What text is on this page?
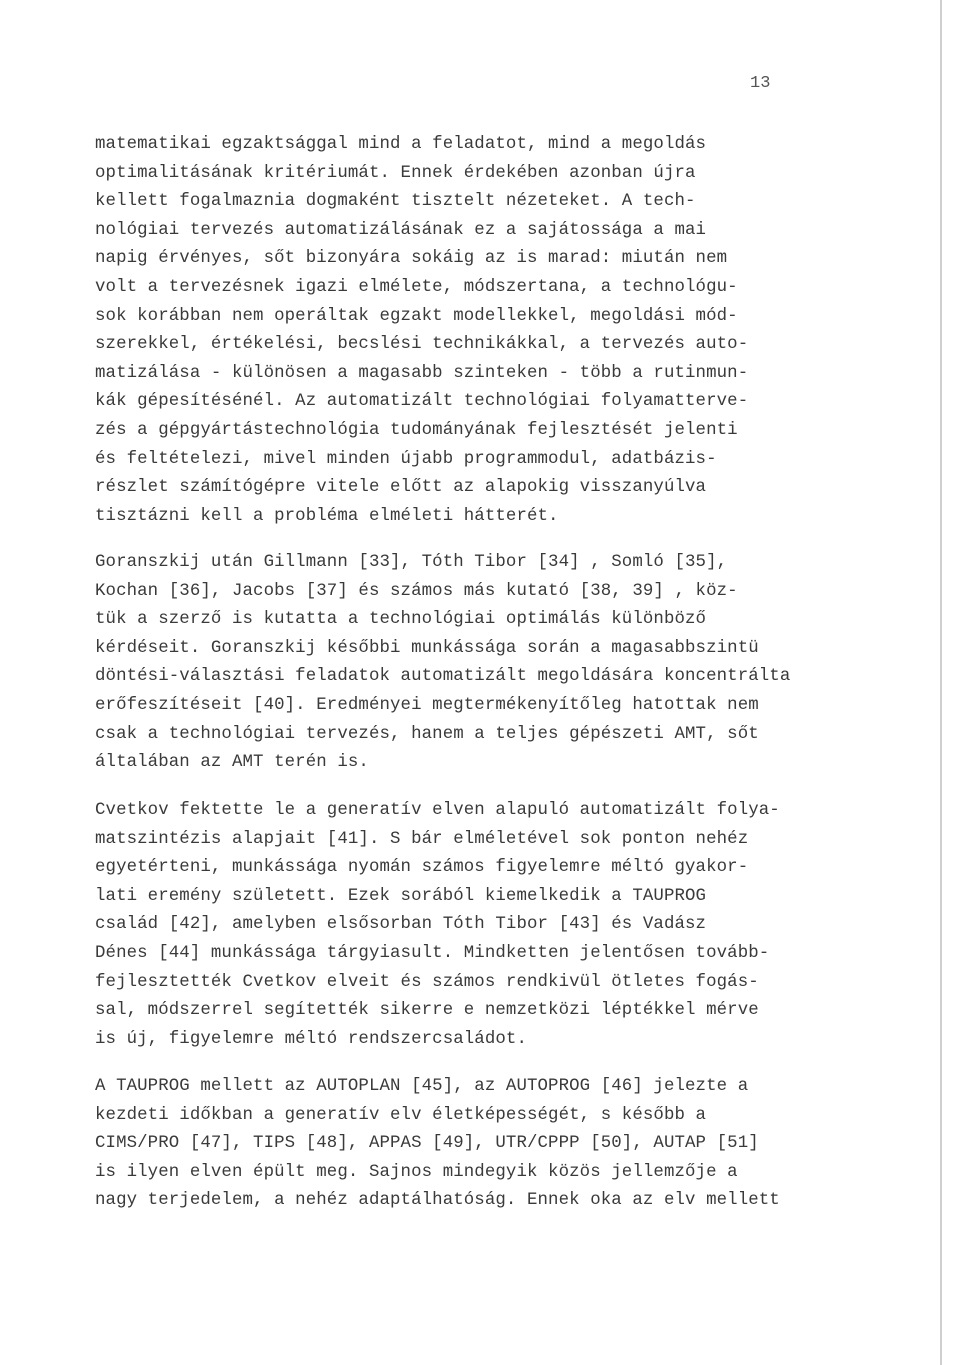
13
matematikai egzaktsággal mind a feladatot, mind a megoldás
optimalitásának kritériumát. Ennek érdekében azonban újra
kellett fogalmaznia dogmaként tisztelt nézeteket. A tech-
nológiai tervezés automatizálásának ez a sajátossága a mai
napig érvényes, sőt bizonyára sokáig az is marad: miután nem
volt a tervezésnek igazi elmélete, módszertana, a technológu-
sok korábban nem operáltak egzakt modellekkel, megoldási mód-
szerekkel, értékelési, becslési technikákkal, a tervezés auto-
matizálása - különösen a magasabb szinteken - több a rutinmun-
kák gépesítésénél. Az automatizált technológiai folyamatterve-
zés a gépgyártástechnológia tudományának fejlesztését jelenti
és feltételezi, mivel minden újabb programmodul, adatbázis-
részlet számítógépre vitele előtt az alapokig visszanyúlva
tisztázni kell a probléma elméleti hátterét.
Goranszkij után Gillmann [33], Tóth Tibor [34] , Somló [35],
Kochan [36], Jacobs [37] és számos más kutató [38, 39] , köz-
tük a szerző is kutatta a technológiai optimálás különböző
kérdéseit. Goranszkij későbbi munkássága során a magasabbszintü
döntési-választási feladatok automatizált megoldására koncentrálta
erőfeszítéseit [40]. Eredményei megtermékenyítőleg hatottak nem
csak a technológiai tervezés, hanem a teljes gépészeti AMT, sőt
általában az AMT terén is.
Cvetkov fektette le a generatív elven alapuló automatizált folya-
matszintézis alapjait [41]. S bár elméletével sok ponton nehéz
egyetérteni, munkássága nyomán számos figyelemre méltó gyakor-
lati eremény született. Ezek sorából kiemelkedik a TAUPROG
család [42], amelyben elsősorban Tóth Tibor [43] és Vadász
Dénes [44] munkássága tárgyiasult. Mindketten jelentősen tovább-
fejlesztették Cvetkov elveit és számos rendkivül ötletes fogás-
sal, módszerrel segítették sikerre e nemzetközi léptékkel mérve
is új, figyelemre méltó rendszercsaládot.
A TAUPROG mellett az AUTOPLAN [45], az AUTOPROG [46] jelezte a
kezdeti időkban a generatív elv életképességét, s később a
CIMS/PRO [47], TIPS [48], APPAS [49], UTR/CPPP [50], AUTAP [51]
is ilyen elven épült meg. Sajnos mindegyik közös jellemzője a
nagy terjedelem, a nehéz adaptálhatóság. Ennek oka az elv mellett
